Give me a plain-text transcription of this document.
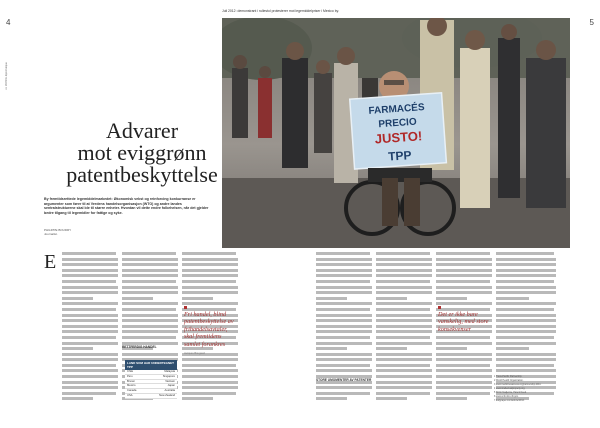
4	5
LE MONDE diplomatique
Juli 2012: demonstrant i rullestol protesterer mot legemiddelpriser i Mexico by.
FARMACÉS
PRECIO
JUSTO!
TPP
Advarer
mot eviggrønn
patentbeskyttelse
By fremtidsrettede legemiddelmarkedet: Økonomisk vekst og reinforcing konkurranse er argumenter som fører til at Verdens handelsorganisasjon (WTO) og andre landes sentralstrukturene skal ble til større enheter. Hvordan vil dette endre folkehelsen, når det gjelder bedre tilgang til legemidler for fattige og syke.
PHILIPPE BOUDRY
Journalist.
E
RETTFERDIG HANDEL
STORE UMOMENTER AV PATENTER
Fri handel, blind patentbeskyttelse av frihandelsavtaler, skal fremtidens samlet forankres
Jacques Bougaud
Det er ikke bare vanskelig, med store konsekvenser
LAND SOM HAR UNDERTEGNET TPP
Chile	Malaysia
Peru	Singapore
Brunei	Vietnam
Mexico	Japan
Canada	Australia
USA	New Zealand
1 Trans-Pacific Partnership.
2 World Health Organization.
3 www.medicinesaccess.org/partnership-2011.
4 www.intellectualproperty.org.
5 Shirin Nadjemie, Patent Deed.
6 www.ncbi.nlm.nih.gov.
7 dailypaper.com/article/2012.
